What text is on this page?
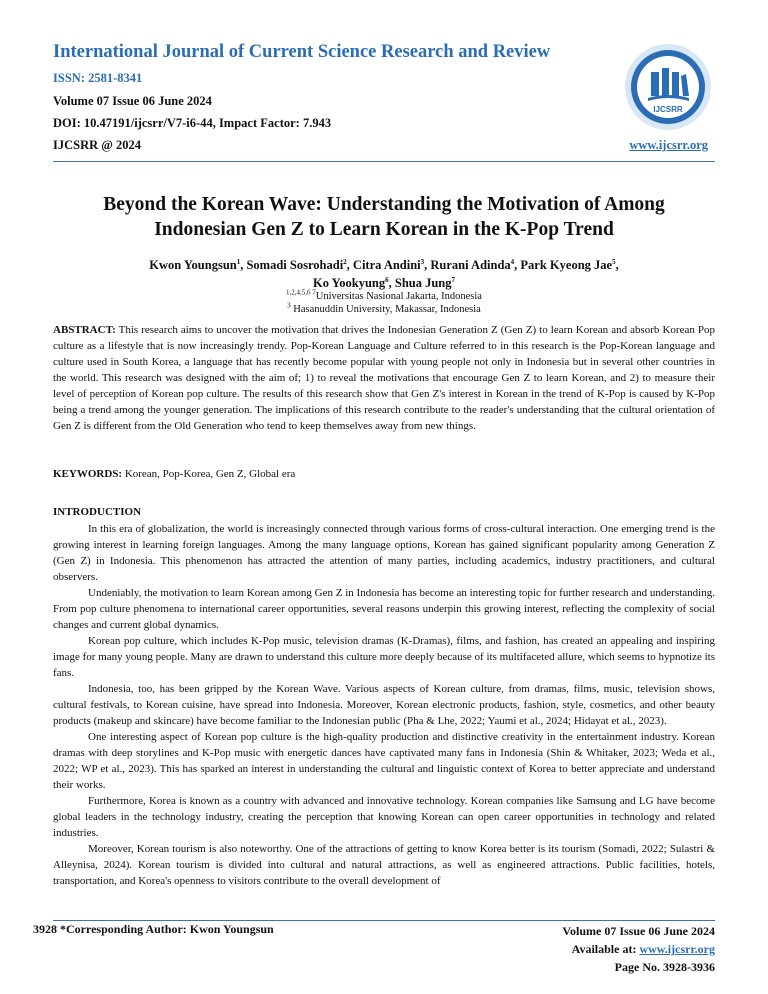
International Journal of Current Science Research and Review
ISSN: 2581-8341
Volume 07 Issue 06 June 2024
DOI: 10.47191/ijcsrr/V7-i6-44, Impact Factor: 7.943
IJCSRR @ 2024
IJCSRR
www.ijcsrr.org
Beyond the Korean Wave: Understanding the Motivation of Among Indonesian Gen Z to Learn Korean in the K-Pop Trend
Kwon Youngsun$^1$, Somadi Sosrohadi$^2$, Citra Andini$^3$, Rurani Adinda$^4$, Park Kyeong Jae$^5$,
Ko Yookyung$^6$, Shua Jung$^7$
$^{1,2,4,5,6 7}$Universitas Nasional Jakarta, Indonesia
$^3$ Hasanuddin University, Makassar, Indonesia
ABSTRACT: This research aims to uncover the motivation that drives the Indonesian Generation Z (Gen Z) to learn Korean and absorb Korean Pop culture as a lifestyle that is now increasingly trendy. Pop-Korean Language and Culture referred to in this research is the Pop-Korean language and culture used in South Korea, a language that has recently become popular with young people not only in Indonesia but in several other countries in the world. This research was designed with the aim of; 1) to reveal the motivations that encourage Gen Z to learn Korean, and 2) to measure their level of perception of Korean pop culture. The results of this research show that Gen Z's interest in Korean in the trend of K-Pop is caused by K-Pop being a trend among the younger generation. The implications of this research contribute to the reader's understanding that the cultural orientation of Gen Z is different from the Old Generation who tend to keep themselves away from new things.
KEYWORDS: Korean, Pop-Korea, Gen Z, Global era
INTRODUCTION

In this era of globalization, the world is increasingly connected through various forms of cross-cultural interaction. One emerging trend is the growing interest in learning foreign languages. Among the many language options, Korean has gained significant popularity among Generation Z (Gen Z) in Indonesia. This phenomenon has attracted the attention of many parties, including academics, industry practitioners, and cultural observers.

Undeniably, the motivation to learn Korean among Gen Z in Indonesia has become an interesting topic for further research and understanding. From pop culture phenomena to international career opportunities, several reasons underpin this growing interest, reflecting the complexity of social changes and current global dynamics.

Korean pop culture, which includes K-Pop music, television dramas (K-Dramas), films, and fashion, has created an appealing and inspiring image for many young people. Many are drawn to understand this culture more deeply because of its multifaceted allure, which seems to hypnotize its fans.

Indonesia, too, has been gripped by the Korean Wave. Various aspects of Korean culture, from dramas, films, music, television shows, cultural festivals, to Korean cuisine, have spread into Indonesia. Moreover, Korean electronic products, fashion, style, cosmetics, and other beauty products (makeup and skincare) have become familiar to the Indonesian public (Pha & Lhe, 2022; Yaumi et al., 2024; Hidayat et al., 2023).

One interesting aspect of Korean pop culture is the high-quality production and distinctive creativity in the entertainment industry. Korean dramas with deep storylines and K-Pop music with energetic dances have captivated many fans in Indonesia (Shin & Whitaker, 2023; Weda et al., 2022; WP et al., 2023). This has sparked an interest in understanding the cultural and linguistic context of Korea to better appreciate and understand their works.

Furthermore, Korea is known as a country with advanced and innovative technology. Korean companies like Samsung and LG have become global leaders in the technology industry, creating the perception that knowing Korean can open career opportunities in technology and related industries.

Moreover, Korean tourism is also noteworthy. One of the attractions of getting to know Korea better is its tourism (Somadi, 2022; Sulastri & Alleynisa, 2024). Korean tourism is divided into cultural and natural attractions, as well as engineered attractions. Public facilities, hotels, transportation, and Korea's openness to visitors contribute to the overall development of

3928 *Corresponding Author: Kwon Youngsun	Volume 07 Issue 06 June 2024
Available at: www.ijcsrr.org
Page No. 3928-3936
